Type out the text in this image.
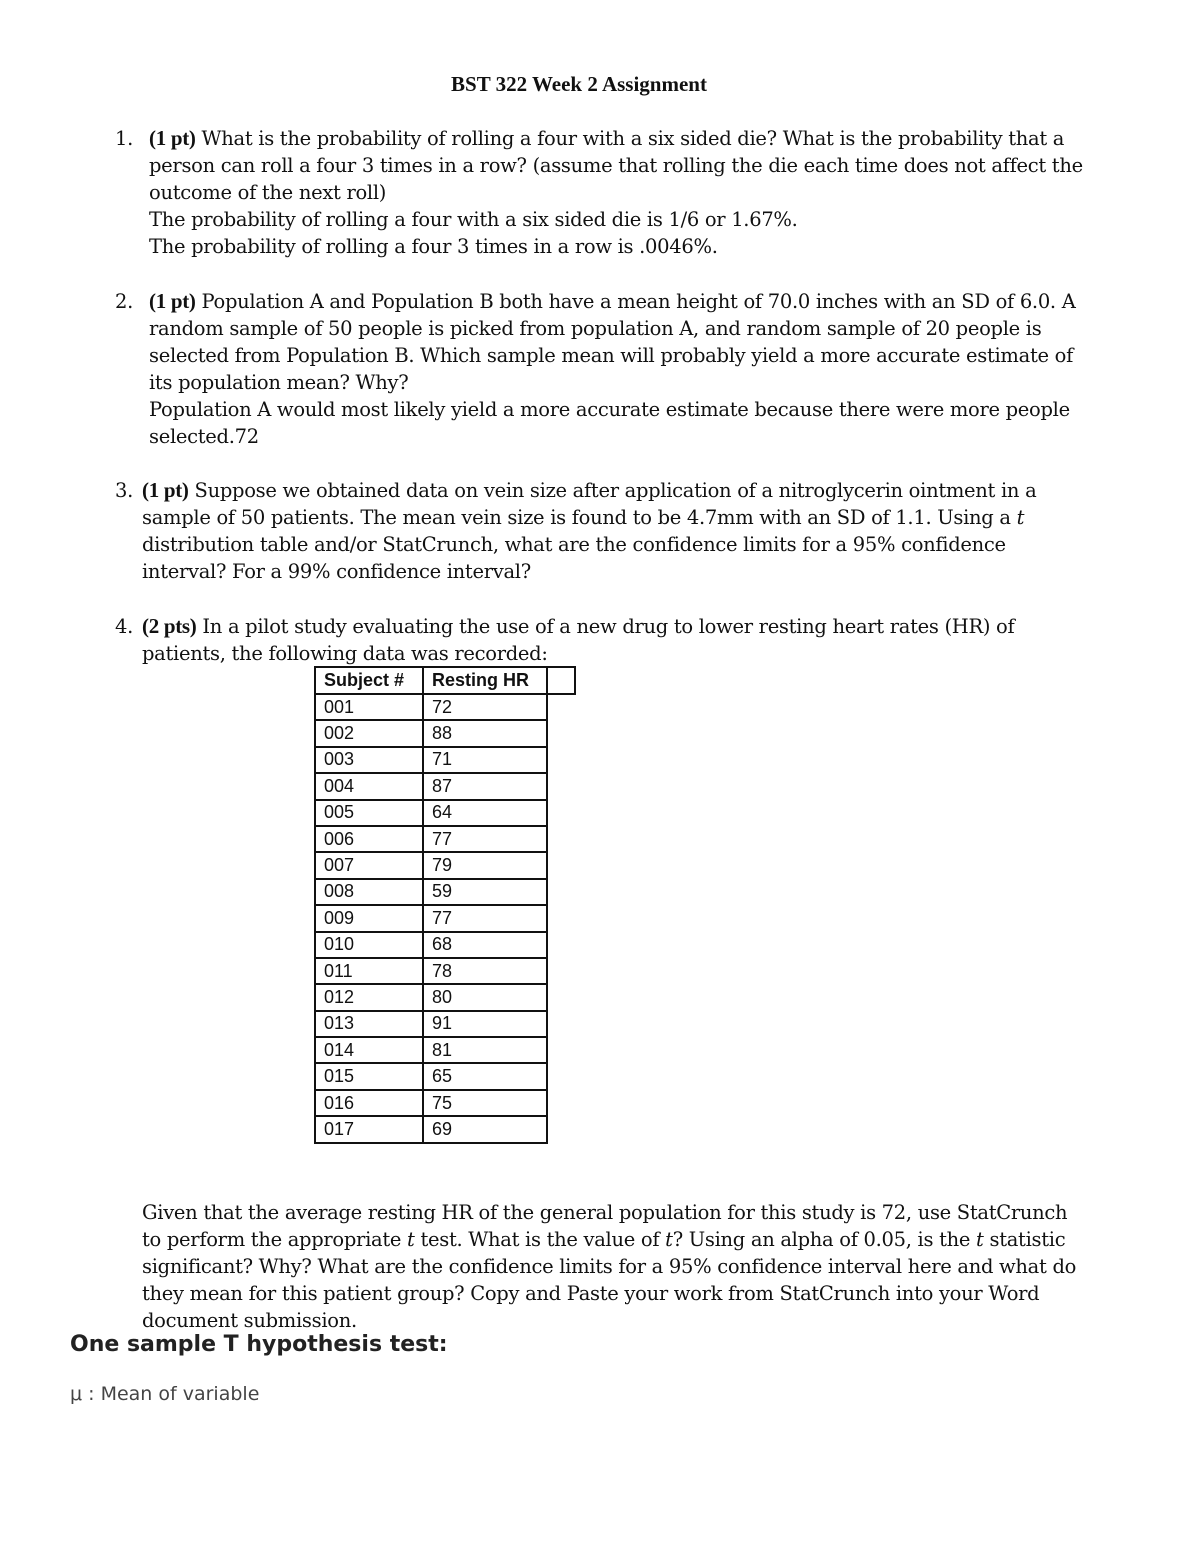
BST 322 Week 2 Assignment
1. (1 pt) What is the probability of rolling a four with a six sided die? What is the probability that a person can roll a four 3 times in a row? (assume that rolling the die each time does not affect the outcome of the next roll)
The probability of rolling a four with a six sided die is 1/6 or 1.67%.
The probability of rolling a four 3 times in a row is .0046%.
2. (1 pt) Population A and Population B both have a mean height of 70.0 inches with an SD of 6.0. A random sample of 50 people is picked from population A, and random sample of 20 people is selected from Population B. Which sample mean will probably yield a more accurate estimate of its population mean? Why?
Population A would most likely yield a more accurate estimate because there were more people selected.72
3. (1 pt) Suppose we obtained data on vein size after application of a nitroglycerin ointment in a sample of 50 patients. The mean vein size is found to be 4.7mm with an SD of 1.1. Using a t distribution table and/or StatCrunch, what are the confidence limits for a 95% confidence interval? For a 99% confidence interval?
4. (2 pts) In a pilot study evaluating the use of a new drug to lower resting heart rates (HR) of patients, the following data was recorded:
Subject #	Resting HR

001	72
002	88
003	71
004	87
005	64
006	77
007	79
008	59
009	77
010	68
011	78
012	80
013	91
014	81
015	65
016	75
017	69
Given that the average resting HR of the general population for this study is 72, use StatCrunch to perform the appropriate t test. What is the value of t? Using an alpha of 0.05, is the t statistic significant? Why? What are the confidence limits for a 95% confidence interval here and what do they mean for this patient group? Copy and Paste your work from StatCrunch into your Word document submission.
One sample T hypothesis test:
μ : Mean of variable
